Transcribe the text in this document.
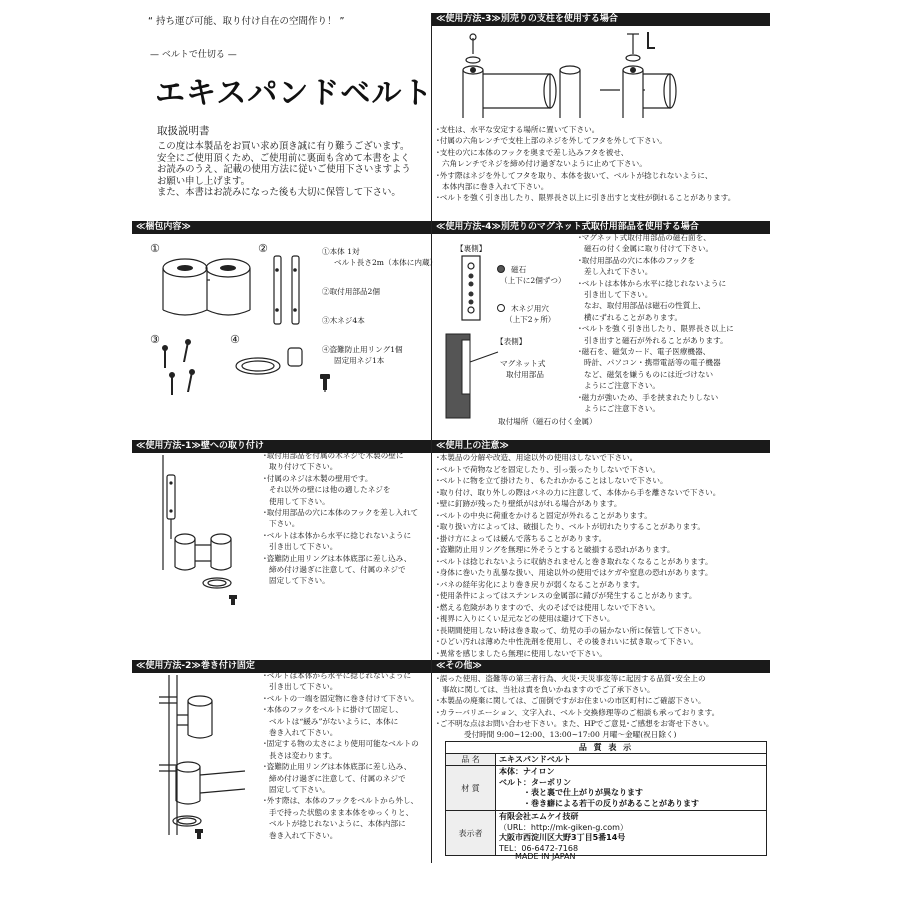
“ 持ち運び可能、取り付け自在の空間作り！ ”
— ベルトで仕切る —
エキスパンドベルト
取扱説明書
この度は本製品をお買い求め頂き誠に有り難うございます。
安全にご使用頂くため、ご使用前に裏面も含めて本書をよく
お読みのうえ、記載の使用方法に従いご使用下さいますよう
お願い申し上げます。
また、本書はお読みになった後も大切に保管して下さい。
≪使用方法-3≫別売りの支柱を使用する場合
･支柱は、水平な安定する場所に置いて下さい。
･付属の六角レンチで支柱上部のネジを外してフタを外して下さい。
･支柱の穴に本体のフックを奥まで差し込みフタを被せ、
六角レンチでネジを締め付け過ぎないように止めて下さい。
･外す際はネジを外してフタを取り、本体を抜いて、ベルトが捻じれないように、
本体内部に巻き入れて下さい。
･ベルトを強く引き出したり、限界長さ以上に引き出すと支柱が倒れることがあります。
≪梱包内容≫
①	②
③	④
①本体 1対
ベルト長さ2m（本体に内蔵）
②取付用部品2個
③木ネジ4本
④盗難防止用リング1個
固定用ネジ1本
≪使用方法-4≫別売りのマグネット式取付用部品を使用する場合
【裏側】
磁石
（上下に2個ずつ）
木ネジ用穴
（上下2ヶ所）
【表側】
マグネット式
取付用部品
取付場所（磁石の付く金属）
･マグネット式取付用部品の磁石面を、
磁石の付く金属に取り付けて下さい。
･取付用部品の穴に本体のフックを
差し入れて下さい。
･ベルトは本体から水平に捻じれないように
引き出して下さい。
なお、取付用部品は磁石の性質上、
横にずれることがあります。
･ベルトを強く引き出したり、限界長さ以上に
引き出すと磁石が外れることがあります。
･磁石を、磁気カード、電子医療機器、
時計、パソコン・携帯電話等の電子機器
など、磁気を嫌うものには近づけない
ようにご注意下さい。
･磁力が強いため、手を挟まれたりしない
ようにご注意下さい。
≪使用方法-1≫壁への取り付け
･取付用部品を付属の木ネジで木製の壁に
取り付けて下さい。
･付属のネジは木製の壁用です。
それ以外の壁には他の適したネジを
使用して下さい。
･取付用部品の穴に本体のフックを差し入れて
下さい。
･ベルトは本体から水平に捻じれないように
引き出して下さい。
･盗難防止用リングは本体底部に差し込み、
締め付け過ぎに注意して、付属のネジで
固定して下さい。
≪使用上の注意≫
･本製品の分解や改造、用途以外の使用はしないで下さい。
･ベルトで荷物などを固定したり、引っ張ったりしないで下さい。
･ベルトに物を立て掛けたり、もたれかかることはしないで下さい。
･取り付け、取り外しの際はバネの力に注意して、本体から手を離さないで下さい。
･壁に釘跡が残ったり壁紙がはがれる場合があります。
･ベルトの中央に荷重をかけると固定が外れることがあります。
･取り扱い方によっては、破損したり、ベルトが切れたりすることがあります。
･掛け方によっては緩んで落ちることがあります。
･盗難防止用リングを無理に外そうとすると破損する恐れがあります。
･ベルトは捻じれないように収納されませんと巻き取れなくなることがあります。
･身体に巻いたり乱暴な扱い、用途以外の使用ではケガや窒息の恐れがあります。
･バネの経年劣化により巻き戻りが弱くなることがあります。
･使用条件によってはステンレスの金属部に錆びが発生することがあります。
･燃える危険がありますので、火のそばでは使用しないで下さい。
･視界に入りにくい足元などの使用は避けて下さい。
･長期間使用しない時は巻き取って、幼児の手の届かない所に保管して下さい。
･ひどい汚れは薄めた中性洗剤を使用し、その後きれいに拭き取って下さい。
･異常を感じましたら無理に使用しないで下さい。
≪使用方法-2≫巻き付け固定
･ベルトは本体から水平に捻じれないように
引き出して下さい。
･ベルトの一端を固定物に巻き付けて下さい。
･本体のフックをベルトに掛けて固定し、
ベルトは“緩み”がないように、本体に
巻き入れて下さい。
･固定する物の太さにより使用可能なベルトの
長さは変わります。
･盗難防止用リングは本体底部に差し込み、
締め付け過ぎに注意して、付属のネジで
固定して下さい。
･外す際は、本体のフックをベルトから外し、
手で持った状態のまま本体をゆっくりと、
ベルトが捻じれないように、本体内部に
巻き入れて下さい。
≪その他≫
･誤った使用、盗難等の第三者行為、火災･天災事変等に起因する品質･安全上の
事故に関しては、当社は責を負いかねますのでご了承下さい。
･本製品の廃棄に関しては、ご面倒ですがお住まいの市区町村にご確認下さい。
･カラーバリエーション、文字入れ、ベルト交換修理等のご相談も承っております。
･ご不明な点はお問い合わせ下さい。また、HPでご意見･ご感想をお寄せ下さい。
受付時間 9:00~12:00、13:00~17:00 月曜～金曜(祝日除く)
品 質 表 示	
品 名	エキスパンドベルト
材 質	本体：ナイロン
ベルト：ターポリン
・表と裏で仕上がりが異なります
・巻き癖による若干の反りがあることがあります

表示者	有限会社エムケイ技研
（URL：http://mk-giken-g.com）
大阪市西淀川区大野3丁目5番14号
TEL：06-6472-7168
MADE IN JAPAN
